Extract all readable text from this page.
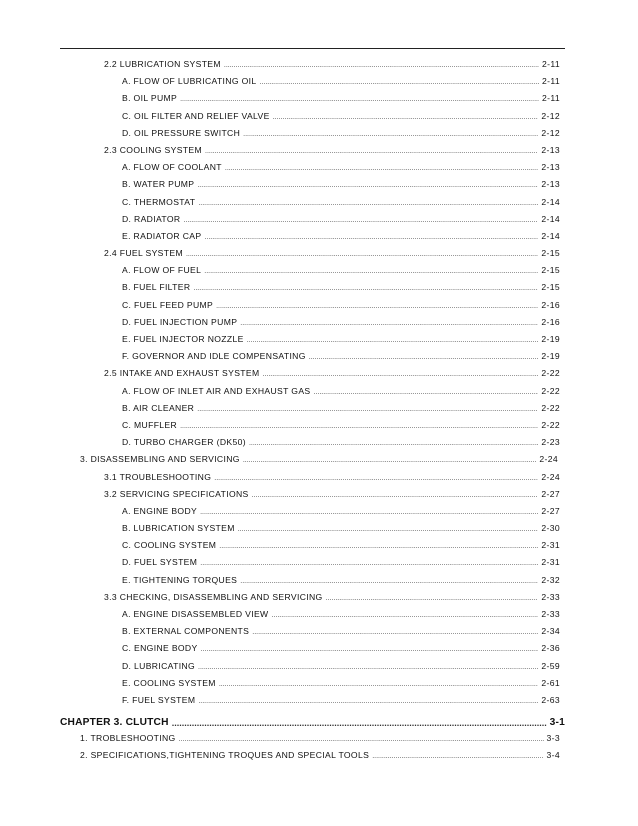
2.2 LUBRICATION SYSTEM .....	2-11
A. FLOW OF LUBRICATING OIL .....	2-11
B. OIL PUMP .....	2-11
C. OIL FILTER AND RELIEF VALVE .....	2-12
D. OIL PRESSURE SWITCH .....	2-12
2.3 COOLING SYSTEM .....	2-13
A. FLOW OF COOLANT .....	2-13
B. WATER PUMP .....	2-13
C. THERMOSTAT .....	2-14
D. RADIATOR .....	2-14
E. RADIATOR CAP .....	2-14
2.4 FUEL SYSTEM .....	2-15
A. FLOW OF FUEL .....	2-15
B. FUEL FILTER .....	2-15
C. FUEL FEED PUMP .....	2-16
D. FUEL INJECTION PUMP .....	2-16
E. FUEL INJECTOR NOZZLE .....	2-19
F. GOVERNOR AND IDLE COMPENSATING .....	2-19
2.5 INTAKE AND EXHAUST SYSTEM .....	2-22
A. FLOW OF INLET AIR AND EXHAUST GAS .....	2-22
B. AIR CLEANER .....	2-22
C. MUFFLER .....	2-22
D. TURBO CHARGER (DK50) .....	2-23
3. DISASSEMBLING AND SERVICING .....	2-24
3.1 TROUBLESHOOTING .....	2-24
3.2 SERVICING SPECIFICATIONS .....	2-27
A. ENGINE BODY .....	2-27
B. LUBRICATION SYSTEM .....	2-30
C. COOLING SYSTEM .....	2-31
D. FUEL SYSTEM .....	2-31
E. TIGHTENING TORQUES .....	2-32
3.3 CHECKING, DISASSEMBLING AND SERVICING .....	2-33
A. ENGINE DISASSEMBLED VIEW .....	2-33
B. EXTERNAL COMPONENTS .....	2-34
C. ENGINE BODY .....	2-36
D. LUBRICATING .....	2-59
E. COOLING SYSTEM .....	2-61
F. FUEL SYSTEM .....	2-63
CHAPTER 3. CLUTCH .....	3-1
1. TROBLESHOOTING .....	3-3
2. SPECIFICATIONS,TIGHTENING TROQUES AND SPECIAL TOOLS .....	3-4
